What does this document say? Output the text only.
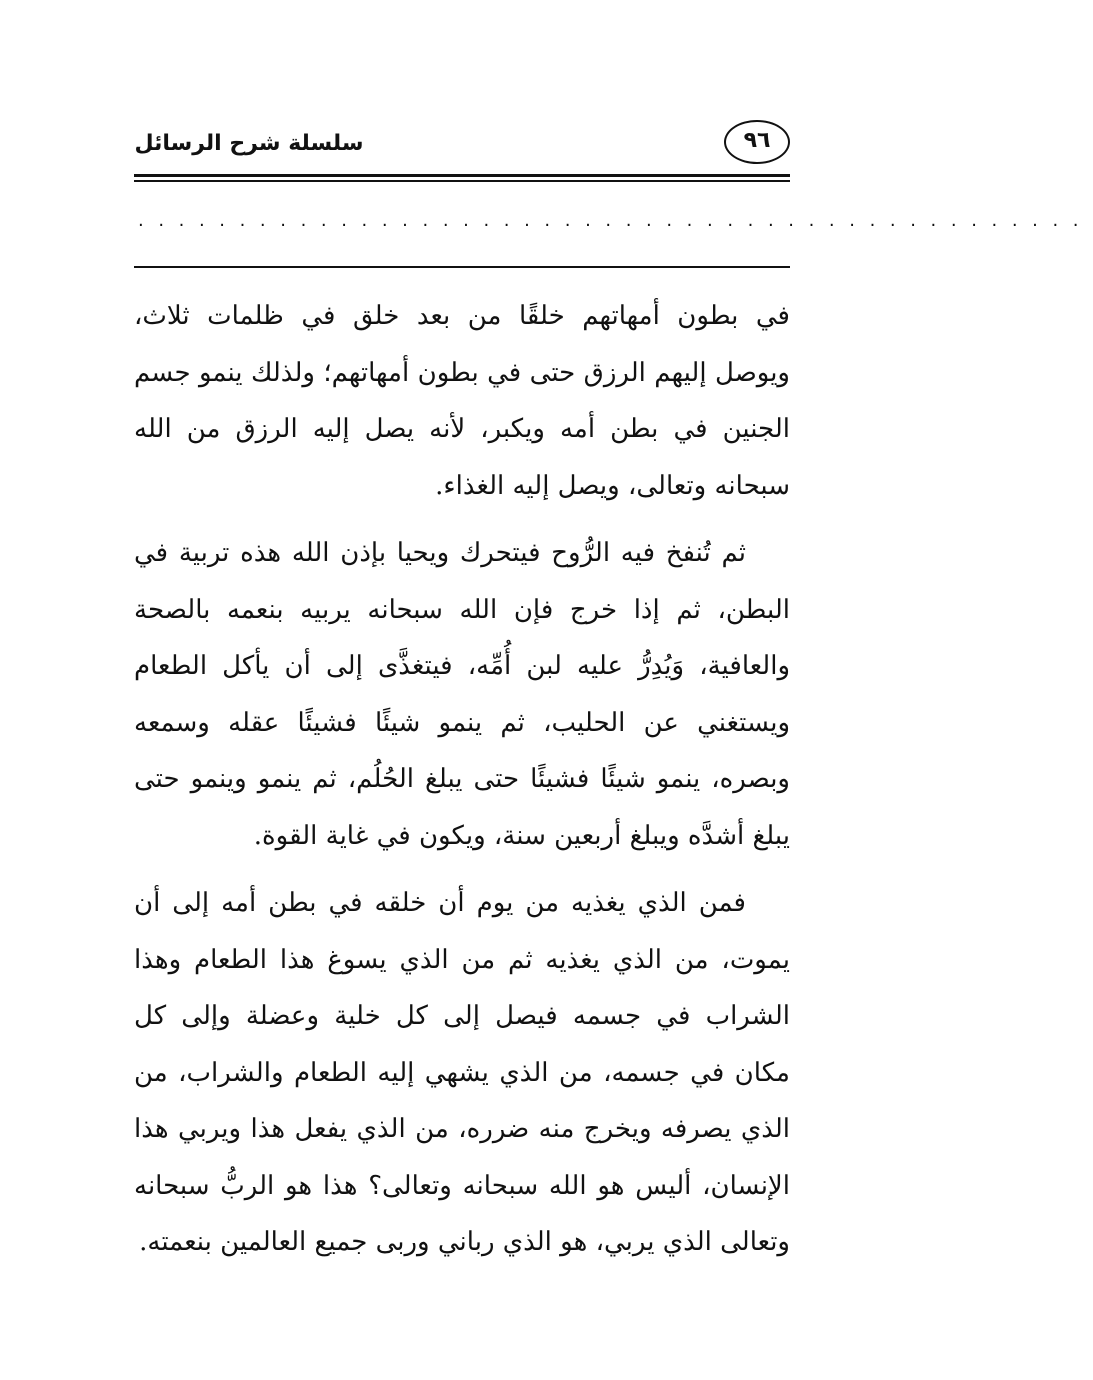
سلسلة شرح الرسائل	٩٦
...............................................

في بطون أمهاتهم خلقًا من بعد خلق في ظلمات ثلاث، ويوصل إليهم الرزق حتى في بطون أمهاتهم؛ ولذلك ينمو جسم الجنين في بطن أمه ويكبر، لأنه يصل إليه الرزق من الله سبحانه وتعالى، ويصل إليه الغذاء.

ثم تُنفخ فيه الرُّوح فيتحرك ويحيا بإذن الله هذه تربية في البطن، ثم إذا خرج فإن الله سبحانه يربيه بنعمه بالصحة والعافية، وَيُدِرُّ عليه لبن أُمِّه، فيتغذَّى إلى أن يأكل الطعام ويستغني عن الحليب، ثم ينمو شيئًا فشيئًا عقله وسمعه وبصره، ينمو شيئًا فشيئًا حتى يبلغ الحُلُم، ثم ينمو وينمو حتى يبلغ أشدَّه ويبلغ أربعين سنة، ويكون في غاية القوة.

فمن الذي يغذيه من يوم أن خلقه في بطن أمه إلى أن يموت، من الذي يغذيه ثم من الذي يسوغ هذا الطعام وهذا الشراب في جسمه فيصل إلى كل خلية وعضلة وإلى كل مكان في جسمه، من الذي يشهي إليه الطعام والشراب، من الذي يصرفه ويخرج منه ضرره، من الذي يفعل هذا ويربي هذا الإنسان، أليس هو الله سبحانه وتعالى؟ هذا هو الربُّ سبحانه وتعالى الذي يربي، هو الذي رباني وربى جميع العالمين بنعمته.
